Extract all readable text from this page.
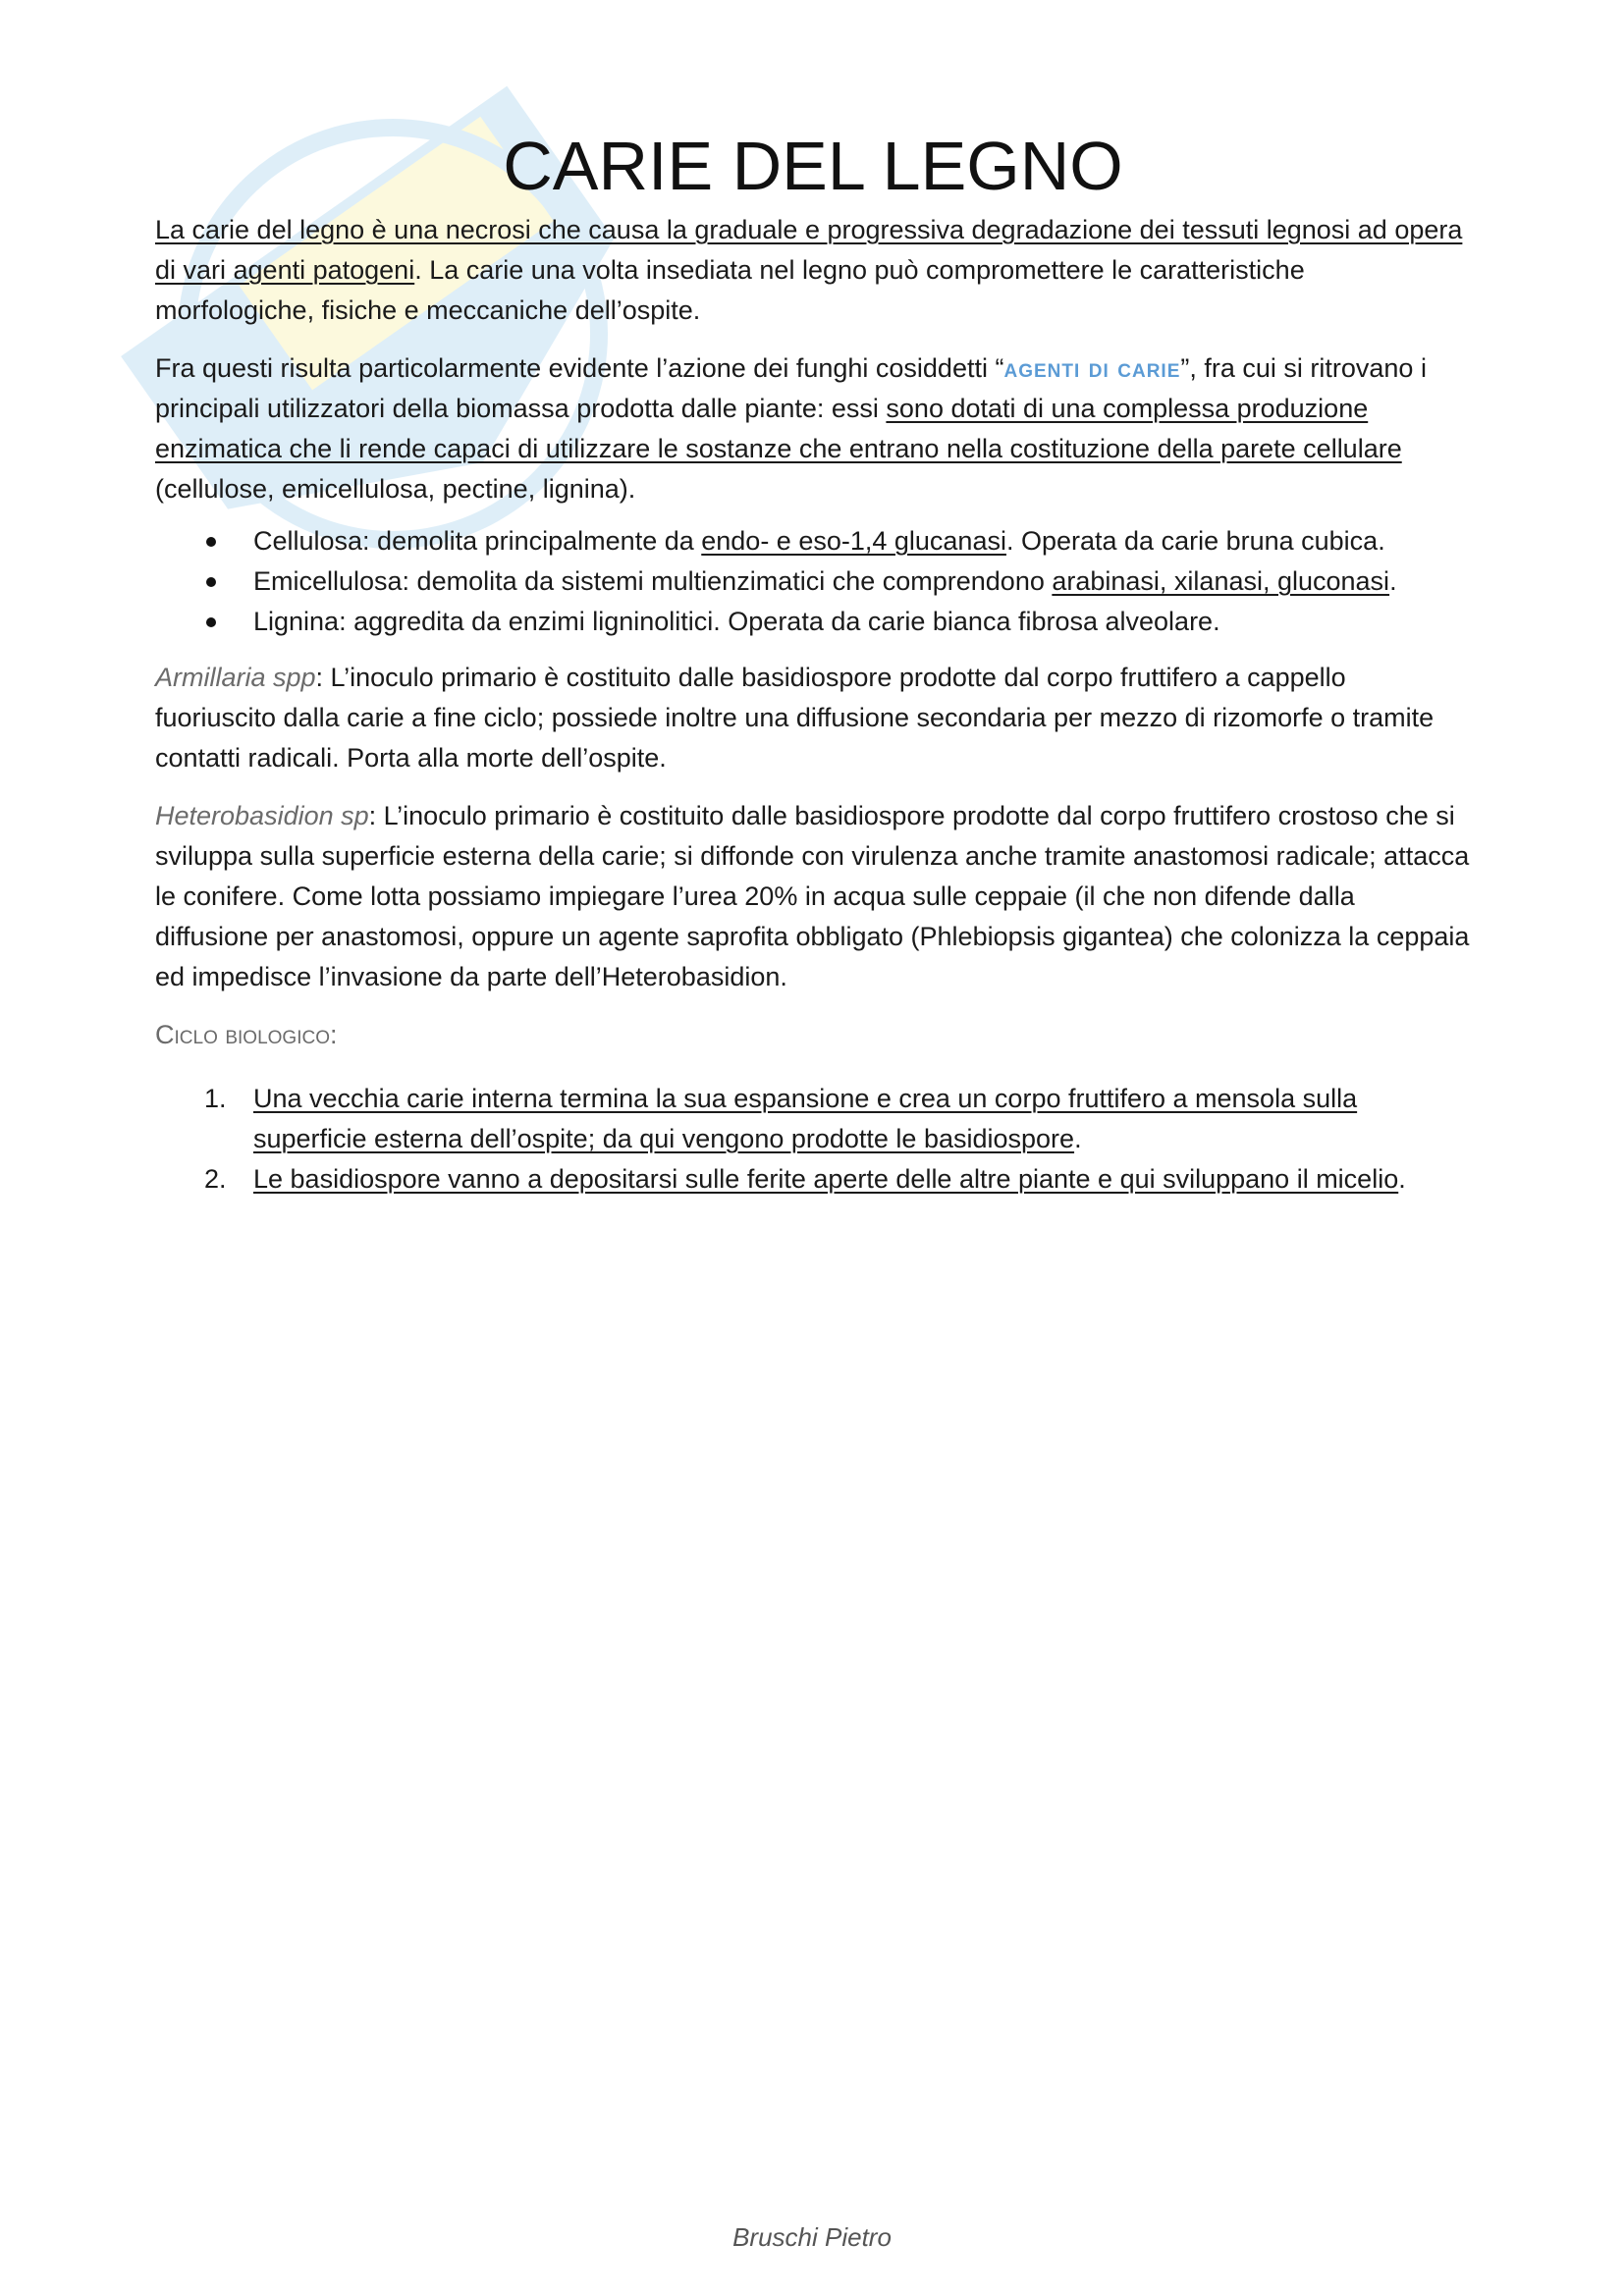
CARIE DEL LEGNO

La carie del legno è una necrosi che causa la graduale e progressiva degradazione dei tessuti legnosi ad opera di vari agenti patogeni. La carie una volta insediata nel legno può compromettere le caratteristiche morfologiche, fisiche e meccaniche dell’ospite.

Fra questi risulta particolarmente evidente l’azione dei funghi cosiddetti “agenti di carie”, fra cui si ritrovano i principali utilizzatori della biomassa prodotta dalle piante: essi sono dotati di una complessa produzione enzimatica che li rende capaci di utilizzare le sostanze che entrano nella costituzione della parete cellulare (cellulose, emicellulosa, pectine, lignina).

Cellulosa: demolita principalmente da endo- e eso-1,4 glucanasi. Operata da carie bruna cubica.
Emicellulosa: demolita da sistemi multienzimatici che comprendono arabinasi, xilanasi, gluconasi.
Lignina: aggredita da enzimi ligninolitici. Operata da carie bianca fibrosa alveolare.

Armillaria spp: L’inoculo primario è costituito dalle basidiospore prodotte dal corpo fruttifero a cappello fuoriuscito dalla carie a fine ciclo; possiede inoltre una diffusione secondaria per mezzo di rizomorfe o tramite contatti radicali. Porta alla morte dell’ospite.

Heterobasidion sp: L’inoculo primario è costituito dalle basidiospore prodotte dal corpo fruttifero crostoso che si sviluppa sulla superficie esterna della carie; si diffonde con virulenza anche tramite anastomosi radicale; attacca le conifere. Come lotta possiamo impiegare l’urea 20% in acqua sulle ceppaie (il che non difende dalla diffusione per anastomosi, oppure un agente saprofita obbligato (Phlebiopsis gigantea) che colonizza la ceppaia ed impedisce l’invasione da parte dell’Heterobasidion.

Ciclo biologico:

1. Una vecchia carie interna termina la sua espansione e crea un corpo fruttifero a mensola sulla superficie esterna dell’ospite; da qui vengono prodotte le basidiospore.
2. Le basidiospore vanno a depositarsi sulle ferite aperte delle altre piante e qui sviluppano il micelio.
Bruschi Pietro
